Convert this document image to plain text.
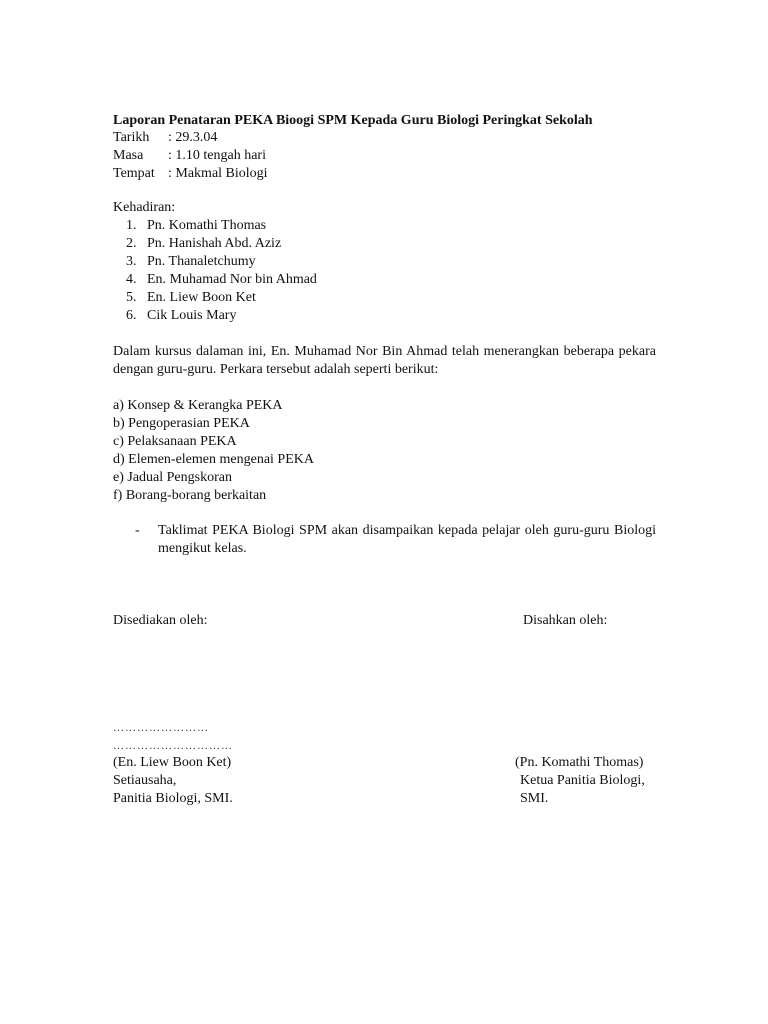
Laporan Penataran PEKA Bioogi SPM Kepada Guru Biologi Peringkat Sekolah
Tarikh	: 29.3.04
Masa	: 1.10 tengah hari
Tempat : Makmal Biologi
Kehadiran:
1. Pn. Komathi Thomas
2. Pn. Hanishah Abd. Aziz
3. Pn. Thanaletchumy
4. En. Muhamad Nor bin Ahmad
5. En. Liew Boon Ket
6. Cik Louis Mary
Dalam kursus dalaman ini, En. Muhamad Nor Bin Ahmad telah menerangkan beberapa pekara dengan guru-guru. Perkara tersebut adalah seperti berikut:
a) Konsep & Kerangka PEKA
b) Pengoperasian PEKA
c) Pelaksanaan PEKA
d) Elemen-elemen mengenai PEKA
e) Jadual Pengskoran
f) Borang-borang berkaitan
- Taklimat PEKA Biologi SPM akan disampaikan kepada pelajar oleh guru-guru Biologi mengikut kelas.
Disediakan oleh:	Disahkan oleh:
……………………
…………………………
(En. Liew Boon Ket)
Setiausaha,
Panitia Biologi, SMI.
(Pn. Komathi Thomas)
Ketua Panitia Biologi,
SMI.
